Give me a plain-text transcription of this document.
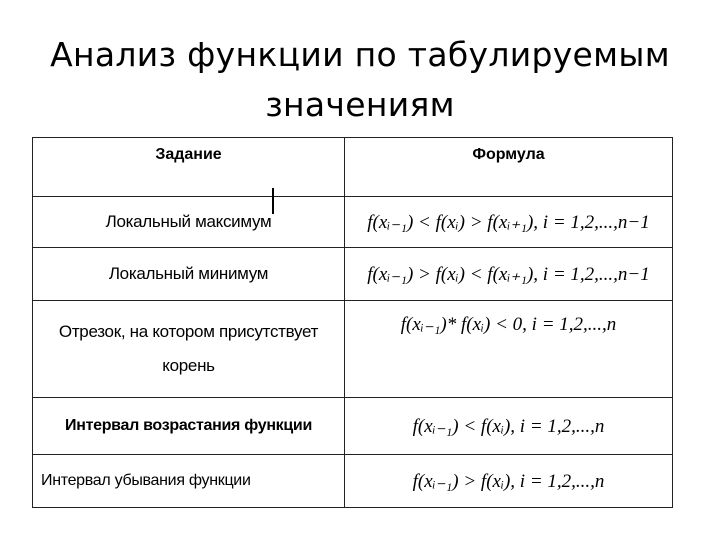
Анализ функции по табулируемым значениям
Задание	Формула
Локальный максимум	f(xᵢ₋₁) < f(xᵢ) > f(xᵢ₊₁), i = 1,2,...,n−1
Локальный минимум	f(xᵢ₋₁) > f(xᵢ) < f(xᵢ₊₁), i = 1,2,...,n−1
Отрезок, на котором присутствует корень	f(xᵢ₋₁)* f(xᵢ) < 0, i = 1,2,...,n
Интервал возрастания функции	f(xᵢ₋₁) < f(xᵢ), i = 1,2,...,n
Интервал убывания функции	f(xᵢ₋₁) > f(xᵢ), i = 1,2,...,n
